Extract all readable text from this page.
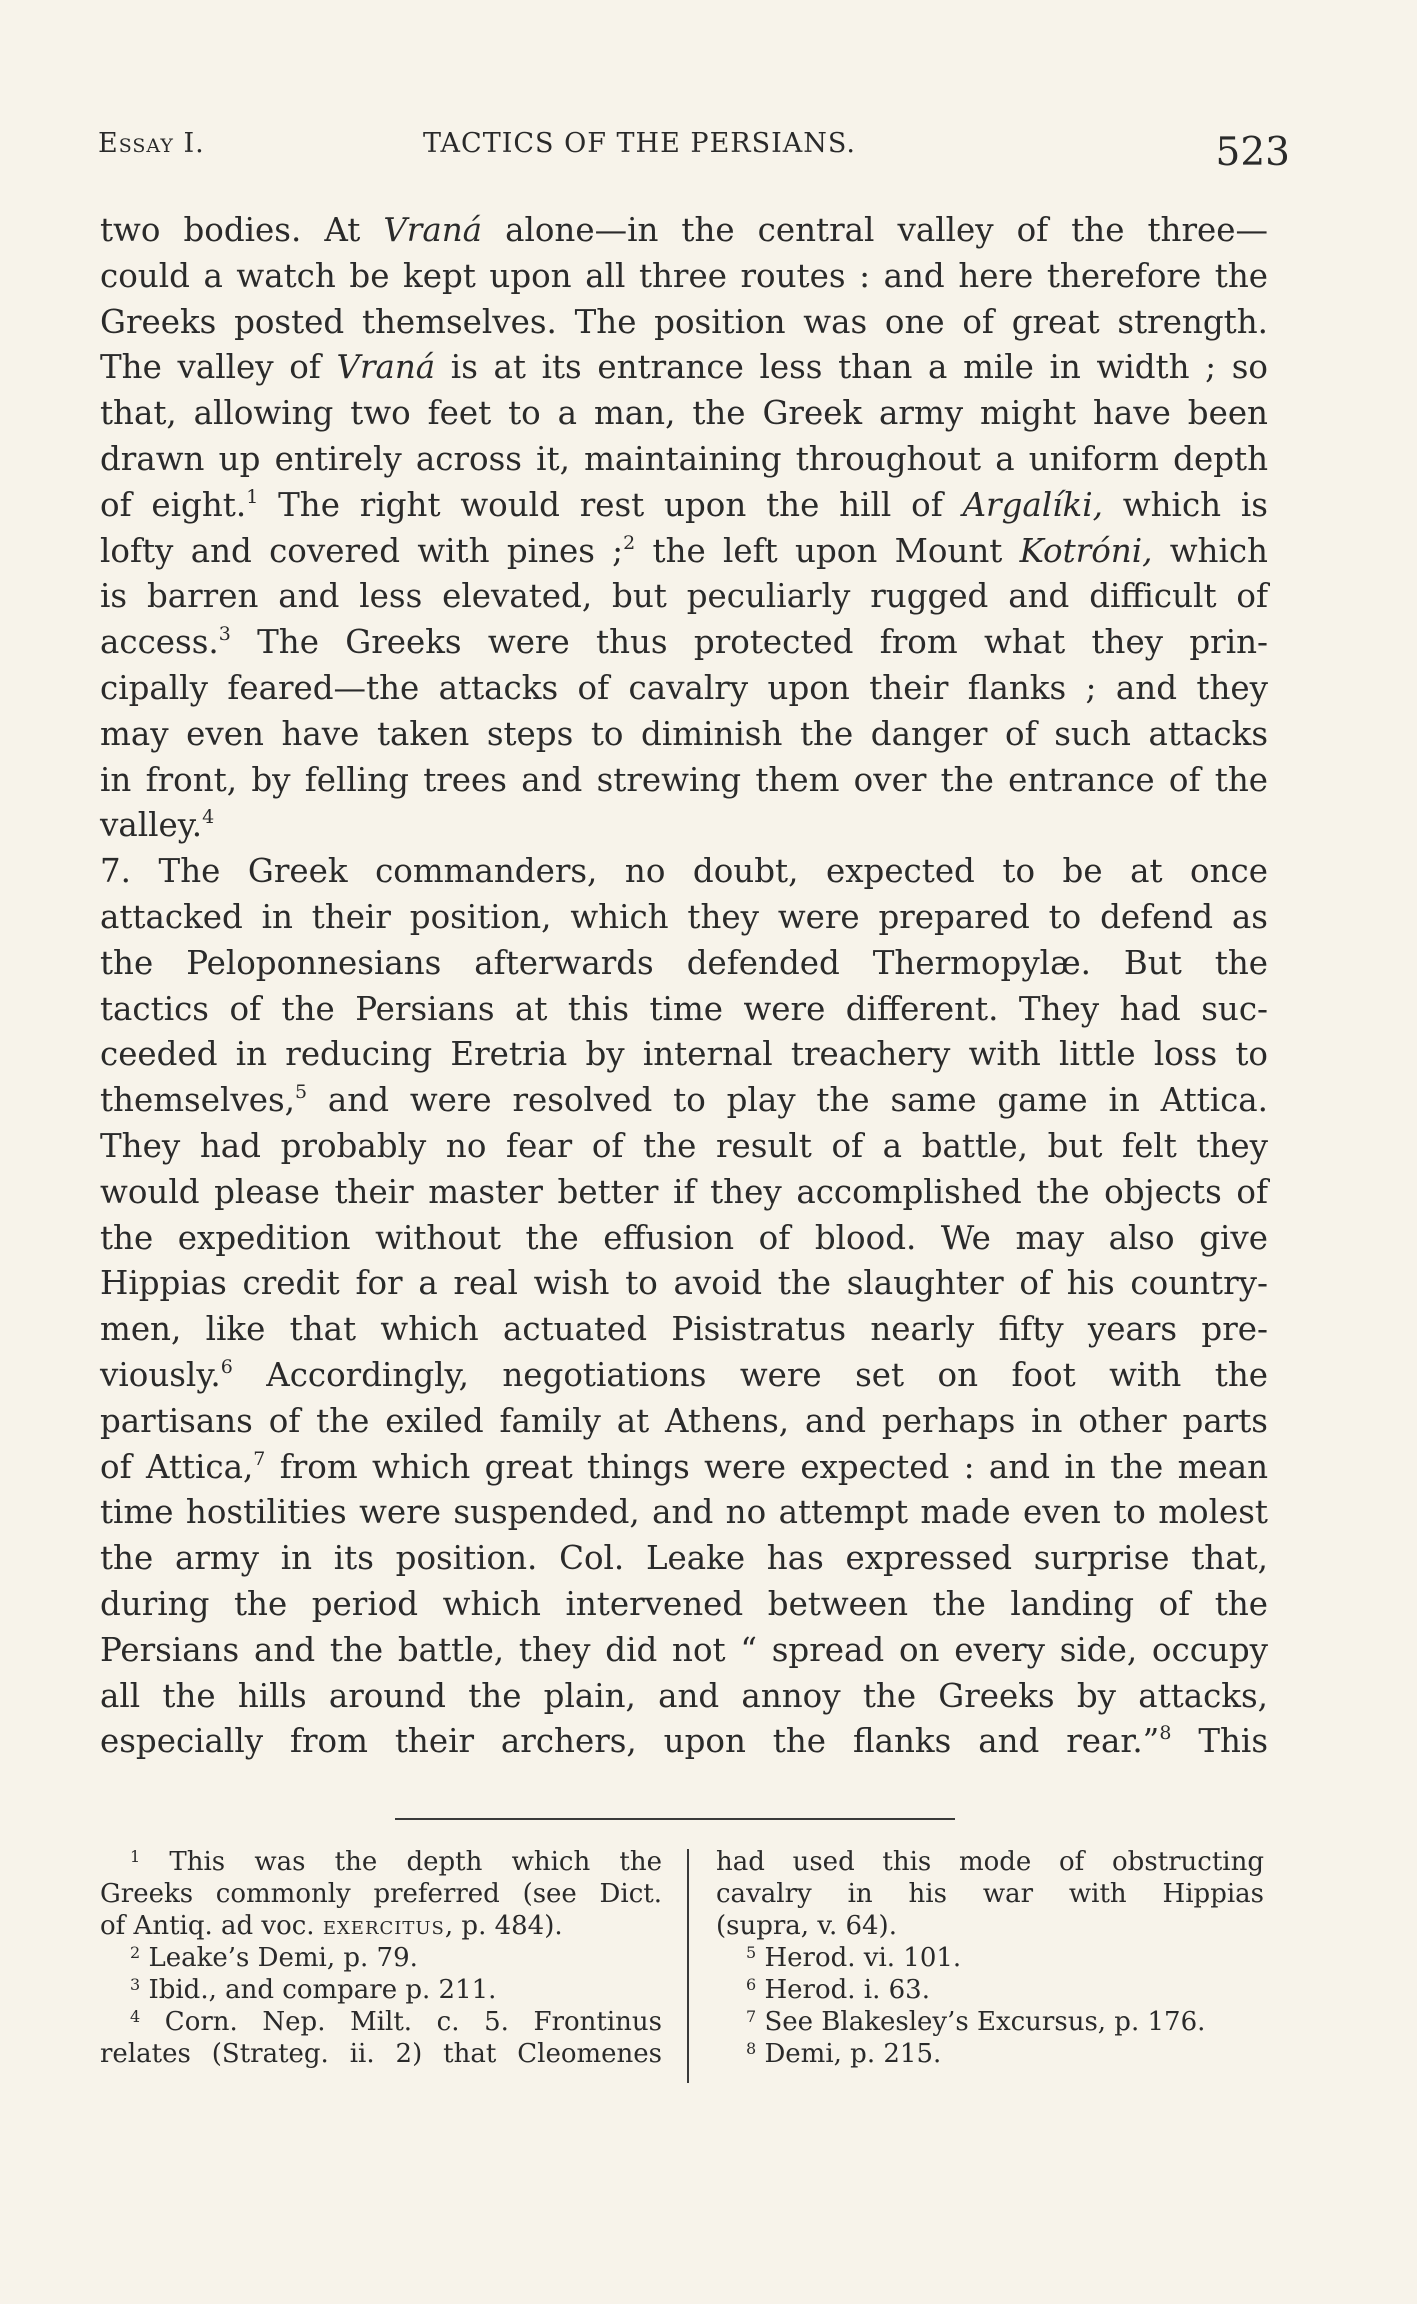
Essay I.	TACTICS OF THE PERSIANS.	523
two bodies. At Vraná alone—in the central valley of the three—
could a watch be kept upon all three routes : and here therefore the
Greeks posted themselves. The position was one of great strength.
The valley of Vraná is at its entrance less than a mile in width ; so
that, allowing two feet to a man, the Greek army might have been
drawn up entirely across it, maintaining throughout a uniform depth
of eight.$^1$ The right would rest upon the hill of Argalíki, which is
lofty and covered with pines ;$^2$ the left upon Mount Kotróni, which
is barren and less elevated, but peculiarly rugged and difficult of
access.$^3$ The Greeks were thus protected from what they prin-
cipally feared—the attacks of cavalry upon their flanks ; and they
may even have taken steps to diminish the danger of such attacks
in front, by felling trees and strewing them over the entrance of the
valley.$^4$
7. The Greek commanders, no doubt, expected to be at once
attacked in their position, which they were prepared to defend as
the Peloponnesians afterwards defended Thermopylæ. But the
tactics of the Persians at this time were different. They had suc-
ceeded in reducing Eretria by internal treachery with little loss to
themselves,$^5$ and were resolved to play the same game in Attica.
They had probably no fear of the result of a battle, but felt they
would please their master better if they accomplished the objects of
the expedition without the effusion of blood. We may also give
Hippias credit for a real wish to avoid the slaughter of his country-
men, like that which actuated Pisistratus nearly fifty years pre-
viously.$^6$ Accordingly, negotiations were set on foot with the
partisans of the exiled family at Athens, and perhaps in other parts
of Attica,$^7$ from which great things were expected : and in the mean
time hostilities were suspended, and no attempt made even to molest
the army in its position. Col. Leake has expressed surprise that,
during the period which intervened between the landing of the
Persians and the battle, they did not “ spread on every side, occupy
all the hills around the plain, and annoy the Greeks by attacks,
especially from their archers, upon the flanks and rear.”$^8$ This
$^1$ This was the depth which the
Greeks commonly preferred (see Dict.
of Antiq. ad voc. exercitus, p. 484).
$^2$ Leake’s Demi, p. 79.
$^3$ Ibid., and compare p. 211.
$^4$ Corn. Nep. Milt. c. 5. Frontinus
relates (Strateg. ii. 2) that Cleomenes
had used this mode of obstructing
cavalry in his war with Hippias
(supra, v. 64).
$^5$ Herod. vi. 101.
$^6$ Herod. i. 63.
$^7$ See Blakesley’s Excursus, p. 176.
$^8$ Demi, p. 215.
